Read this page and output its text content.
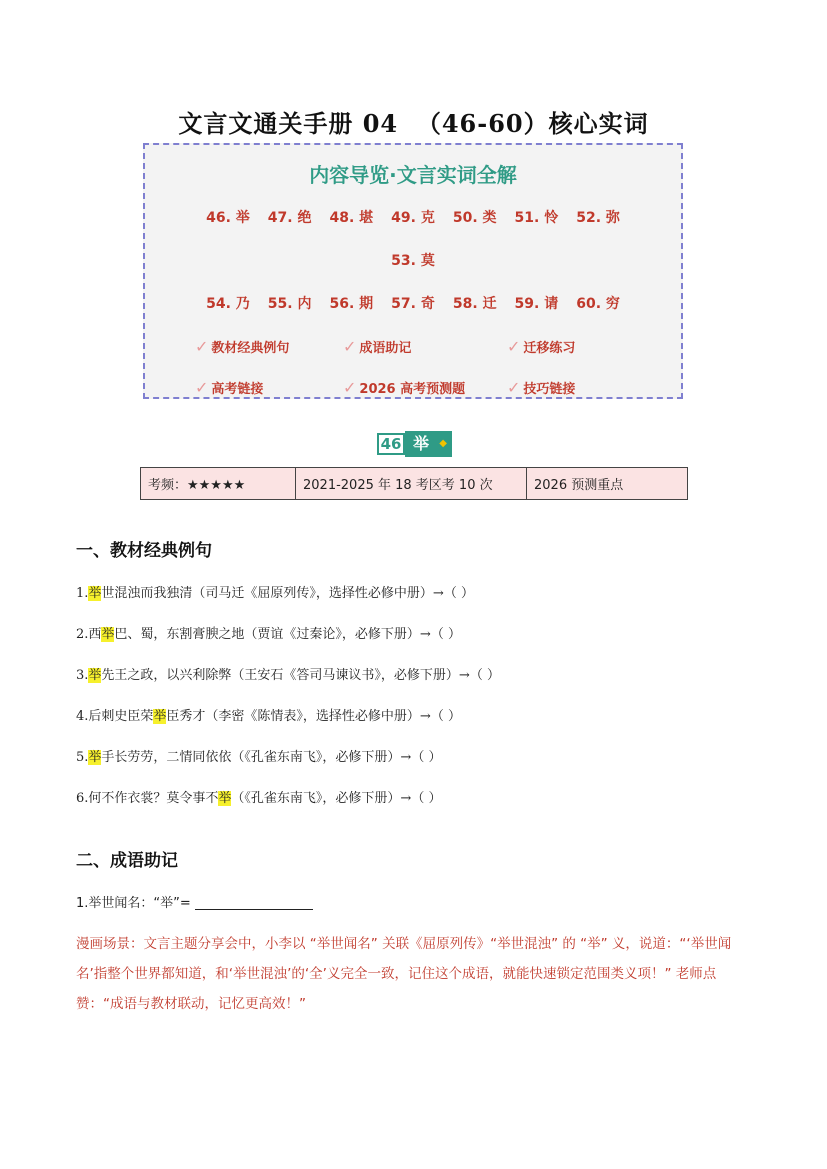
文言文通关手册 04  （46-60）核心实词
内容导览·文言实词全解
46. 举 47. 绝 48. 堪 49. 克 50. 类 51. 怜 52. 弥
53. 莫
54. 乃 55. 内 56. 期 57. 奇 58. 迁 59. 请 60. 穷
✓ 教材经典例句	✓ 成语助记	✓ 迁移练习
✓ 高考链接	✓ 2026 高考预测题	✓ 技巧链接
46 举 ◆
考频：★★★★★	2021-2025 年 18 考区考 10 次	2026 预测重点
一、教材经典例句
1.举世混浊而我独清（司马迁《屈原列传》，选择性必修中册）→（ ）
2.西举巴、蜀，东割膏腴之地（贾谊《过秦论》，必修下册）→（ ）
3.举先王之政，以兴利除弊（王安石《答司马谏议书》，必修下册）→（ ）
4.后刺史臣荣举臣秀才（李密《陈情表》，选择性必修中册）→（ ）
5.举手长劳劳，二情同依依（《孔雀东南飞》，必修下册）→（ ）
6.何不作衣裳？莫令事不举（《孔雀东南飞》，必修下册）→（ ）
二、成语助记
1.举世闻名：“举”=
漫画场景：文言主题分享会中，小李以 “举世闻名” 关联《屈原列传》“举世混浊” 的 “举” 义，说道：“‘举世闻名’指整个世界都知道，和‘举世混浊’的‘全’义完全一致，记住这个成语，就能快速锁定范围类义项！” 老师点赞：“成语与教材联动，记忆更高效！”
